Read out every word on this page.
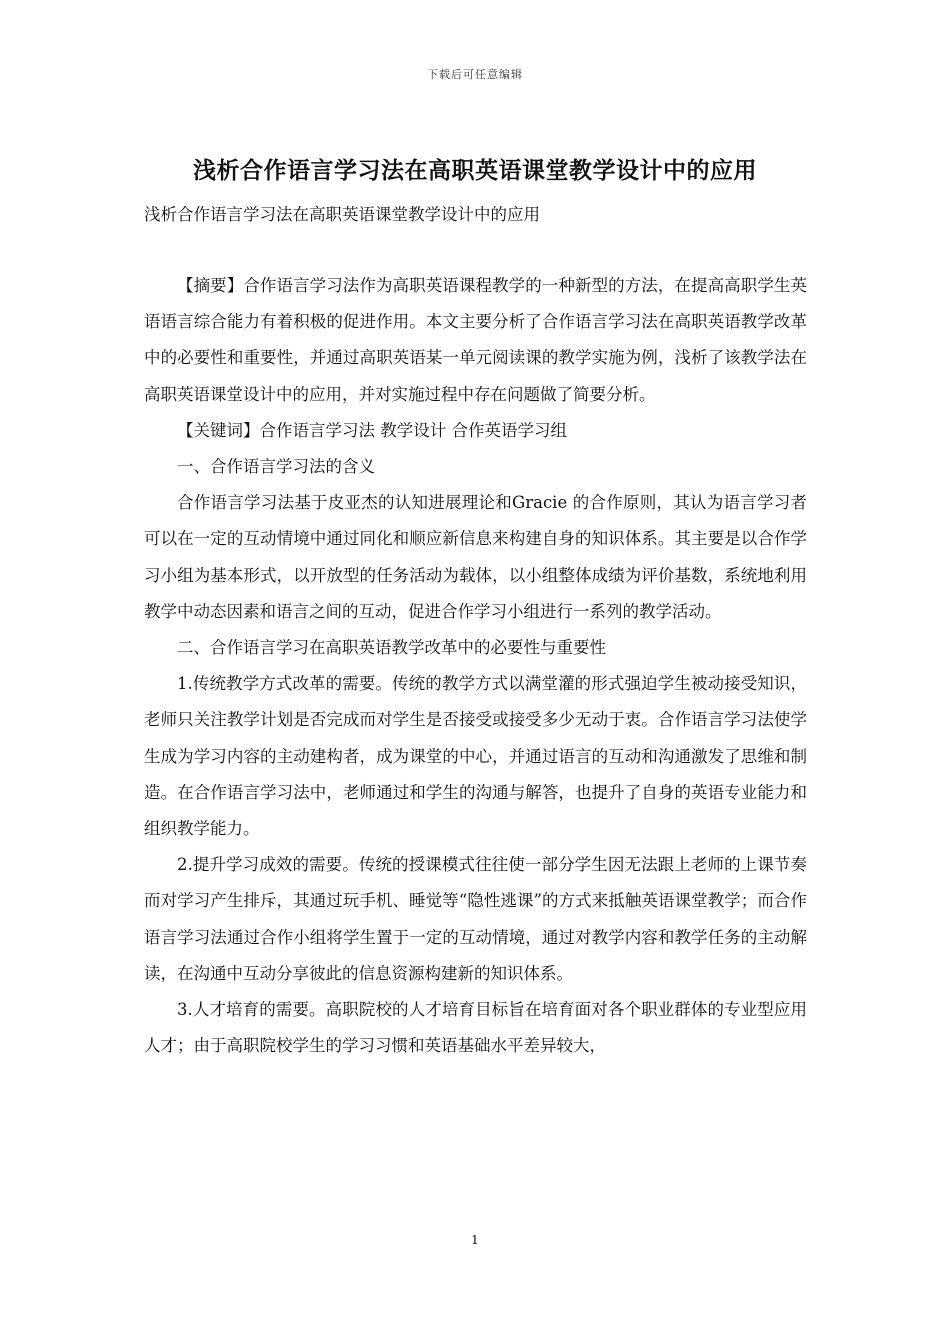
下载后可任意编辑
浅析合作语言学习法在高职英语课堂教学设计中的应用
浅析合作语言学习法在高职英语课堂教学设计中的应用

【摘要】合作语言学习法作为高职英语课程教学的一种新型的方法，在提高高职学生英语语言综合能力有着积极的促进作用。本文主要分析了合作语言学习法在高职英语教学改革中的必要性和重要性，并通过高职英语某一单元阅读课的教学实施为例，浅析了该教学法在高职英语课堂设计中的应用，并对实施过程中存在问题做了简要分析。

【关键词】合作语言学习法 教学设计 合作英语学习组

一、合作语言学习法的含义

合作语言学习法基于皮亚杰的认知进展理论和Gracie 的合作原则，其认为语言学习者可以在一定的互动情境中通过同化和顺应新信息来构建自身的知识体系。其主要是以合作学习小组为基本形式，以开放型的任务活动为载体，以小组整体成绩为评价基数，系统地利用教学中动态因素和语言之间的互动，促进合作学习小组进行一系列的教学活动。

二、合作语言学习在高职英语教学改革中的必要性与重要性

1.传统教学方式改革的需要。传统的教学方式以满堂灌的形式强迫学生被动接受知识，老师只关注教学计划是否完成而对学生是否接受或接受多少无动于衷。合作语言学习法使学生成为学习内容的主动建构者，成为课堂的中心，并通过语言的互动和沟通激发了思维和制造。在合作语言学习法中，老师通过和学生的沟通与解答，也提升了自身的英语专业能力和组织教学能力。

2.提升学习成效的需要。传统的授课模式往往使一部分学生因无法跟上老师的上课节奏而对学习产生排斥，其通过玩手机、睡觉等“隐性逃课”的方式来抵触英语课堂教学；而合作语言学习法通过合作小组将学生置于一定的互动情境，通过对教学内容和教学任务的主动解读，在沟通中互动分享彼此的信息资源构建新的知识体系。

3.人才培育的需要。高职院校的人才培育目标旨在培育面对各个职业群体的专业型应用人才；由于高职院校学生的学习习惯和英语基础水平差异较大，

1
